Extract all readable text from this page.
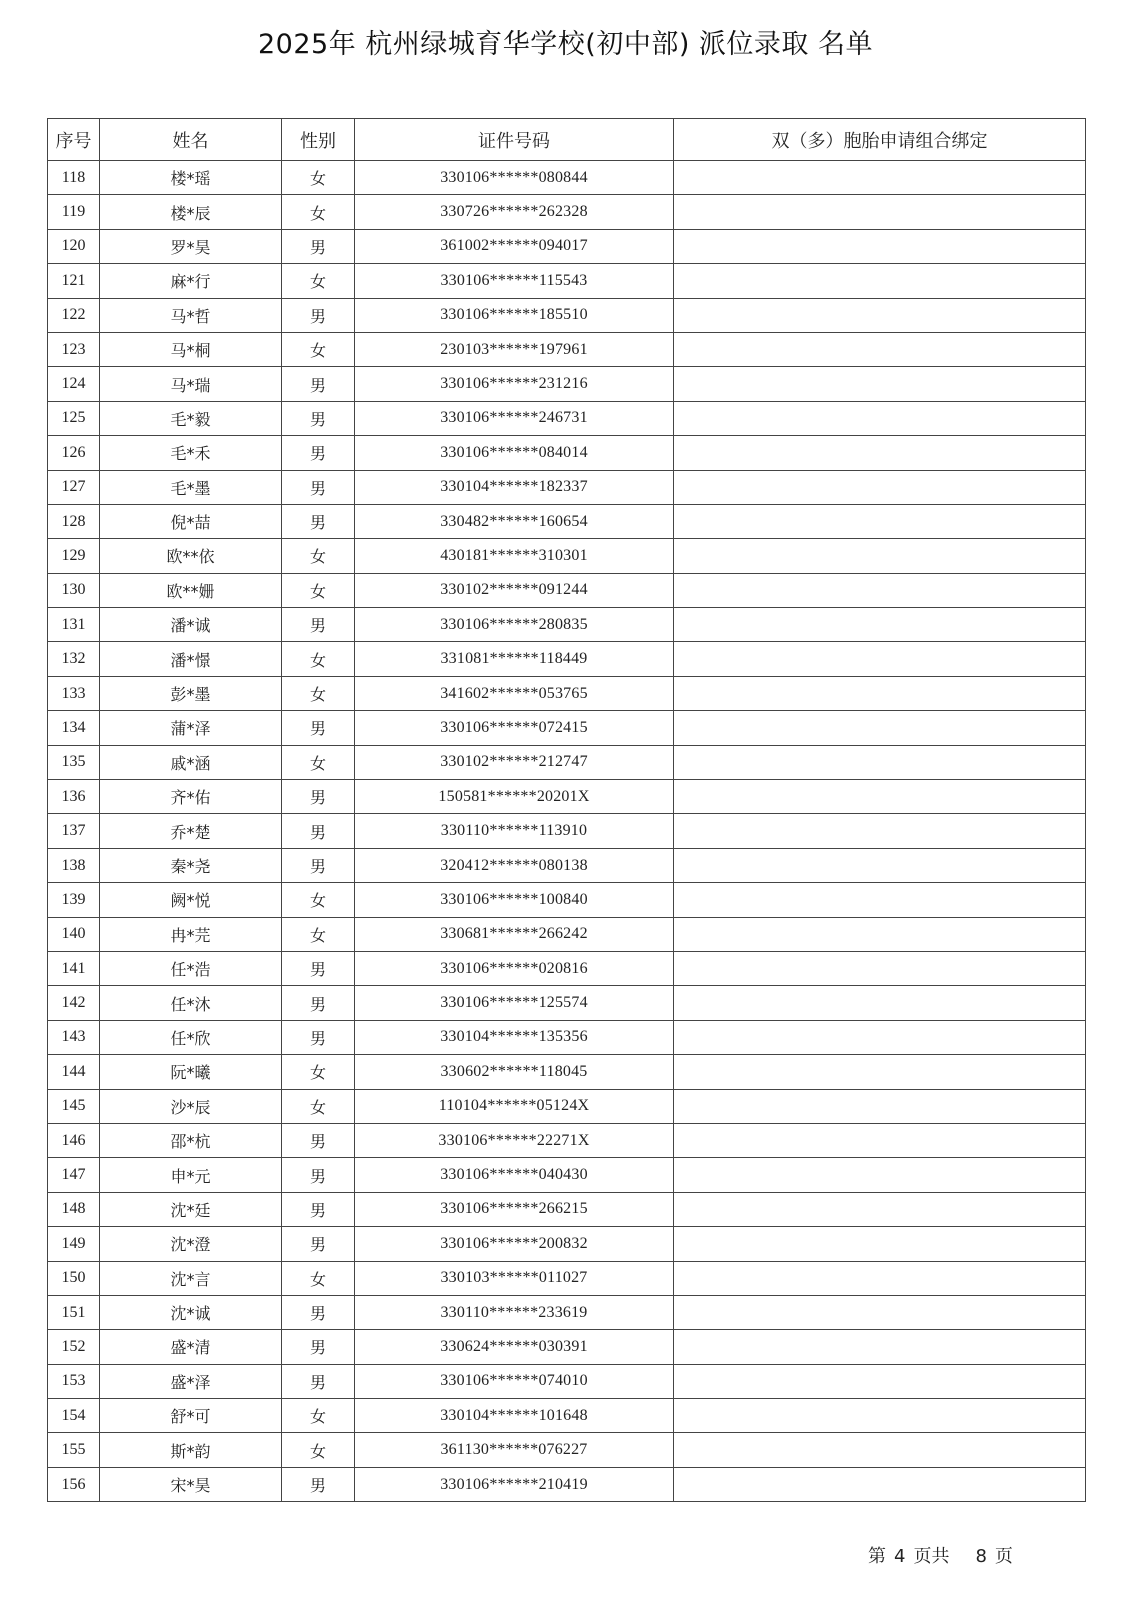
2025年 杭州绿城育华学校(初中部) 派位录取 名单
序号	姓名	性别	证件号码	双（多）胞胎申请组合绑定
118	楼*瑶	女	330106******080844	
119	楼*辰	女	330726******262328	
120	罗*昊	男	361002******094017	
121	麻*行	女	330106******115543	
122	马*哲	男	330106******185510	
123	马*桐	女	230103******197961	
124	马*瑞	男	330106******231216	
125	毛*毅	男	330106******246731	
126	毛*禾	男	330106******084014	
127	毛*墨	男	330104******182337	
128	倪*喆	男	330482******160654	
129	欧**依	女	430181******310301	
130	欧**姗	女	330102******091244	
131	潘*诚	男	330106******280835	
132	潘*憬	女	331081******118449	
133	彭*墨	女	341602******053765	
134	蒲*泽	男	330106******072415	
135	戚*涵	女	330102******212747	
136	齐*佑	男	150581******20201X	
137	乔*楚	男	330110******113910	
138	秦*尧	男	320412******080138	
139	阙*悦	女	330106******100840	
140	冉*芫	女	330681******266242	
141	任*浩	男	330106******020816	
142	任*沐	男	330106******125574	
143	任*欣	男	330104******135356	
144	阮*曦	女	330602******118045	
145	沙*辰	女	110104******05124X	
146	邵*杭	男	330106******22271X	
147	申*元	男	330106******040430	
148	沈*廷	男	330106******266215	
149	沈*澄	男	330106******200832	
150	沈*言	女	330103******011027	
151	沈*诚	男	330110******233619	
152	盛*清	男	330624******030391	
153	盛*泽	男	330106******074010	
154	舒*可	女	330104******101648	
155	斯*韵	女	361130******076227	
156	宋*昊	男	330106******210419	
第 4 页共 8 页
